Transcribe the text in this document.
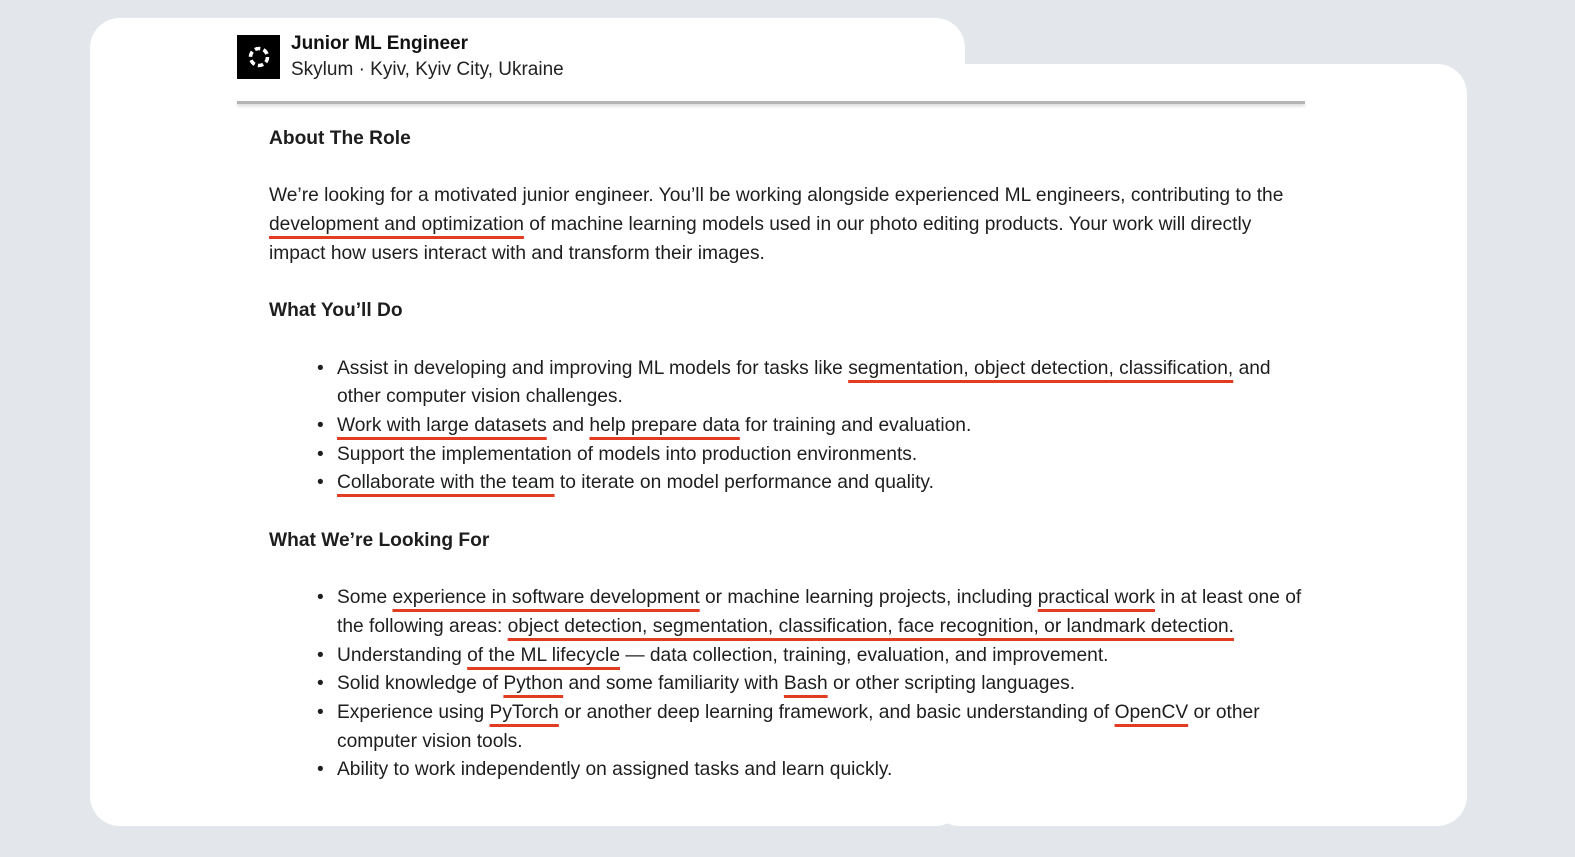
Junior ML Engineer
Skylum · Kyiv, Kyiv City, Ukraine
About The Role

We’re looking for a motivated junior engineer. You’ll be working alongside experienced ML engineers, contributing to the development and optimization of machine learning models used in our photo editing products. Your work will directly impact how users interact with and transform their images.

What You’ll Do
• Assist in developing and improving ML models for tasks like segmentation, object detection, classification, and other computer vision challenges.
• Work with large datasets and help prepare data for training and evaluation.
• Support the implementation of models into production environments.
• Collaborate with the team to iterate on model performance and quality.
What We’re Looking For
• Some experience in software development or machine learning projects, including practical work in at least one of the following areas: object detection, segmentation, classification, face recognition, or landmark detection.
• Understanding of the ML lifecycle — data collection, training, evaluation, and improvement.
• Solid knowledge of Python and some familiarity with Bash or other scripting languages.
• Experience using PyTorch or another deep learning framework, and basic understanding of OpenCV or other computer vision tools.
• Ability to work independently on assigned tasks and learn quickly.
